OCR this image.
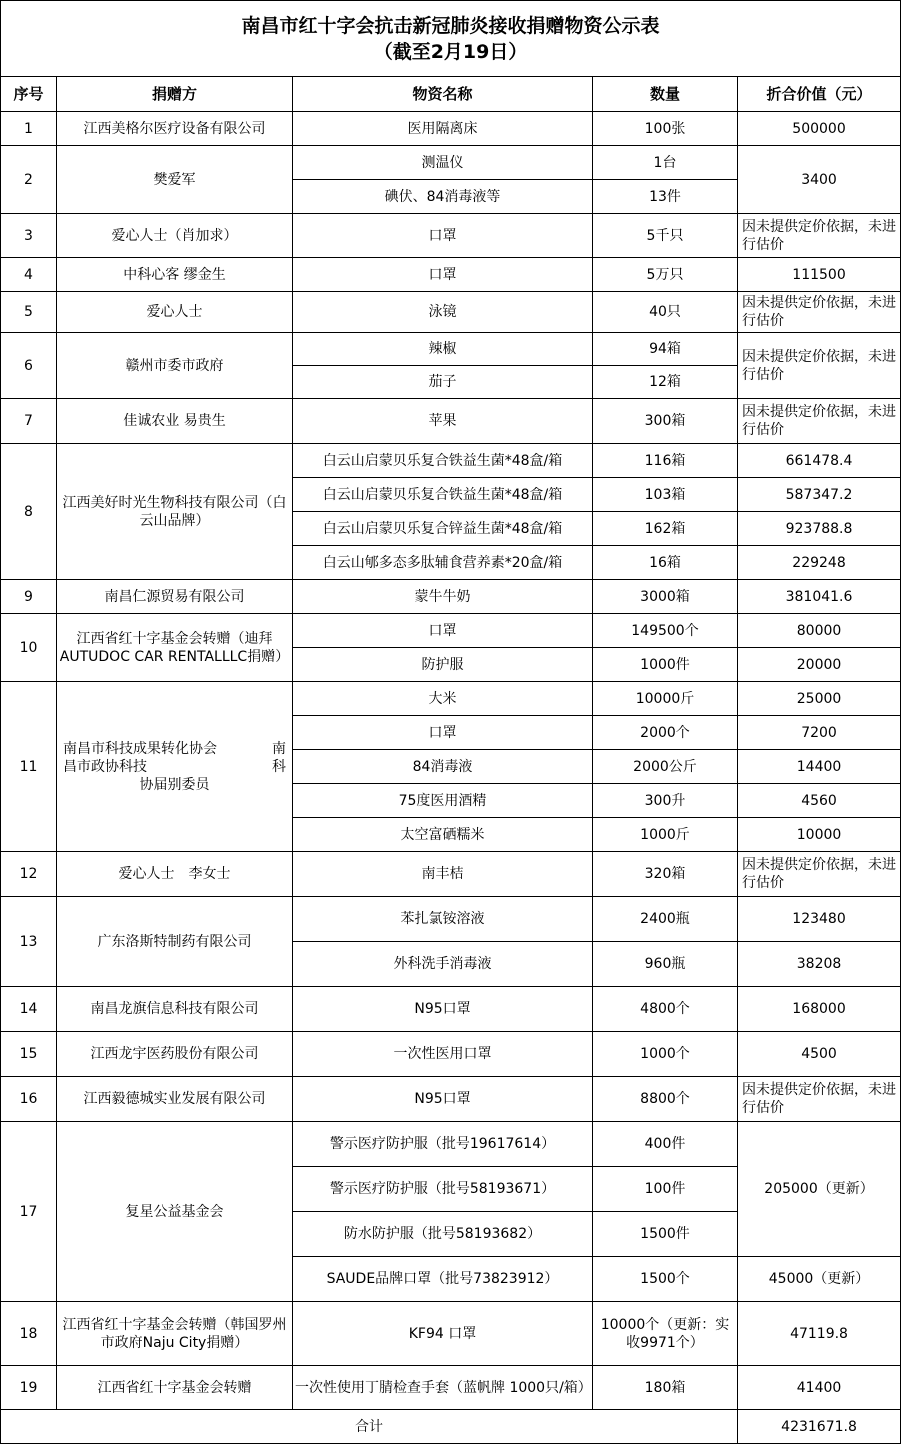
南昌市红十字会抗击新冠肺炎接收捐赠物资公示表
（截至2月19日）				

序号	捐赠方	物资名称	数量	折合价值（元）
1	江西美格尔医疗设备有限公司	医用隔离床	100张	500000
2	樊爱军	测温仪	1台	3400
		碘伏、84消毒液等	13件	
3	爱心人士（肖加求）	口罩	5千只	因未提供定价依据，未进行估价
4	中科心客 缪金生	口罩	5万只	111500
5	爱心人士	泳镜	40只	因未提供定价依据，未进行估价
6	赣州市委市政府	辣椒	94箱	因未提供定价依据，未进行估价
		茄子	12箱	
7	佳诚农业 易贵生	苹果	300箱	因未提供定价依据，未进行估价
8	江西美好时光生物科技有限公司（白云山品牌）	白云山启蒙贝乐复合铁益生菌*48盒/箱	116箱	661478.4
		白云山启蒙贝乐复合铁益生菌*48盒/箱	103箱	587347.2
		白云山启蒙贝乐复合锌益生菌*48盒/箱	162箱	923788.8
		白云山郇多态多肽辅食营养素*20盒/箱	16箱	229248
9	南昌仁源贸易有限公司	蒙牛牛奶	3000箱	381041.6
10	江西省红十字基金会转赠（迪拜AUTUDOC CAR RENTALLLC捐赠）	口罩	149500个	80000
		防护服	1000件	20000
11	南昌市科技成果转化协会 南
昌市政协科技 科
协届别委员	大米	10000斤	25000
		口罩	2000个	7200
		84消毒液	2000公斤	14400
		75度医用酒精	300升	4560
		太空富硒糯米	1000斤	10000
12	爱心人士　李女士	南丰桔	320箱	因未提供定价依据，未进行估价
13	广东洛斯特制药有限公司	苯扎氯铵溶液	2400瓶	123480
		外科洗手消毒液	960瓶	38208
14	南昌龙旗信息科技有限公司	N95口罩	4800个	168000
15	江西龙宇医药股份有限公司	一次性医用口罩	1000个	4500
16	江西毅德城实业发展有限公司	N95口罩	8800个	因未提供定价依据，未进行估价
17	复星公益基金会	警示医疗防护服（批号19617614）	400件	205000（更新）
		警示医疗防护服（批号58193671）	100件	
		防水防护服（批号58193682）	1500件	
		SAUDE品牌口罩（批号73823912）	1500个	45000（更新）
18	江西省红十字基金会转赠（韩国罗州市政府Naju City捐赠）	KF94 口罩	10000个（更新：实收9971个）	47119.8
19	江西省红十字基金会转赠	一次性使用丁腈检查手套（蓝帆牌 1000只/箱）	180箱	41400
合计				4231671.8
